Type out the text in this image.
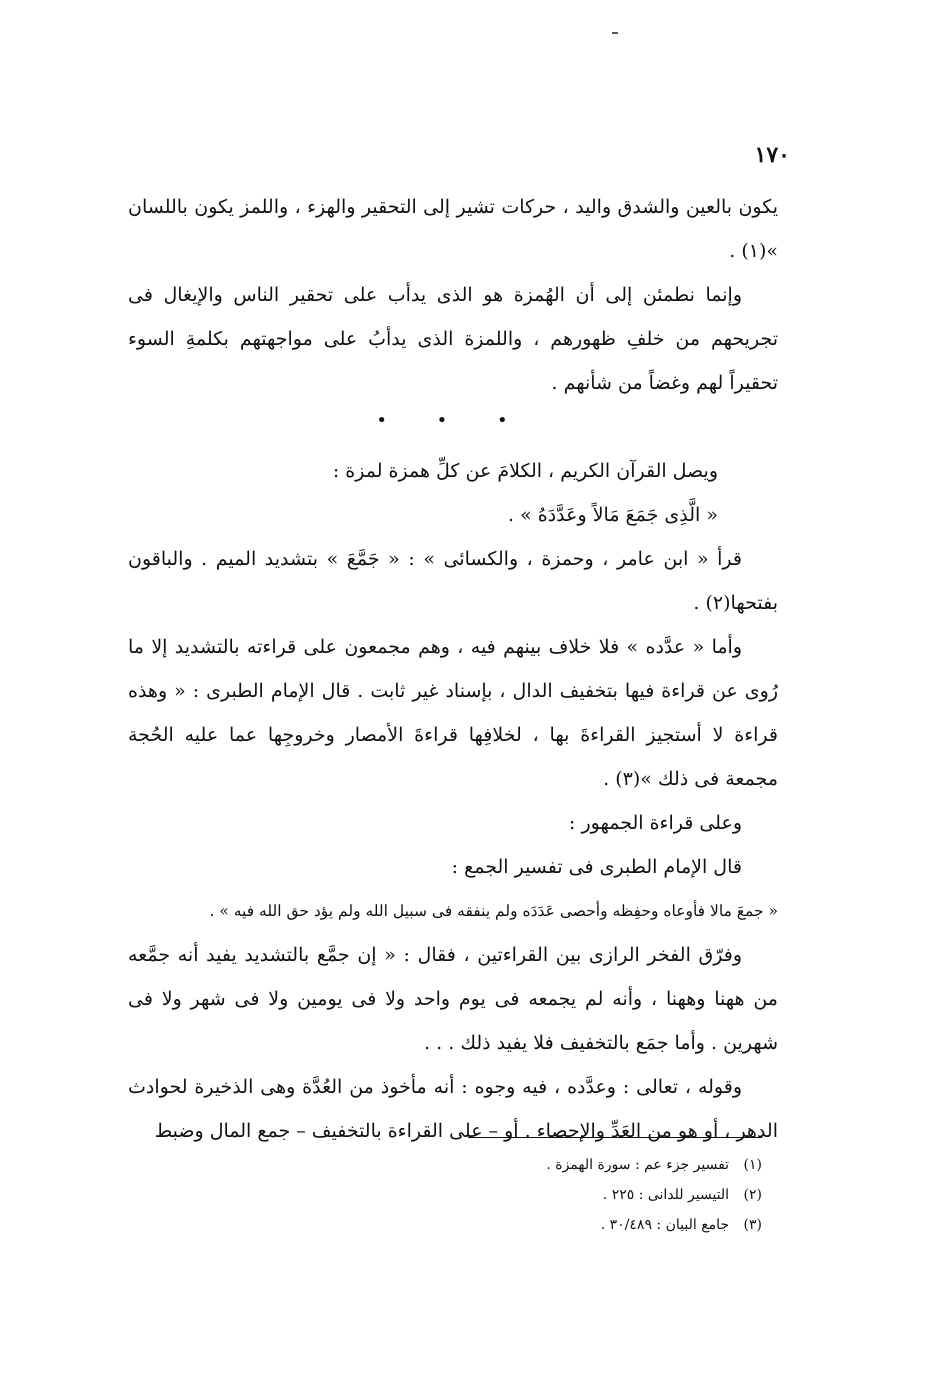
١٧٠

يكون بالعين والشدق واليد ، حركات تشير إلى التحقير والهزء ، واللمز يكون باللسان »(١) .

وإنما نطمئن إلى أن الهُمزة هو الذى يدأب على تحقير الناس والإيغال فى تجريحهم من خلفِ ظهورهم ، واللمزة الذى يدأبُ على مواجهتهم بكلمةِ السوء تحقيراً لهم وغضاً من شأنهم .

ويصل القرآن الكريم ، الكلامَ عن كلِّ همزة لمزة :

« الَّذِى جَمَعَ مَالاً وعَدَّدَهُ » .

قرأ « ابن عامر ، وحمزة ، والكسائى » : « جَمَّعَ » بتشديد الميم . والباقون بفتحها(٢) .

وأما « عدَّده » فلا خلاف بينهم فيه ، وهم مجمعون على قراءته بالتشديد إلا ما رُوى عن قراءة فيها بتخفيف الدال ، بإسناد غير ثابت . قال الإمام الطبرى : « وهذه قراءة لا أستجيز القراءةَ بها ، لخلافِها قراءةَ الأمصار وخروجِها عما عليه الحُجة مجمعة فى ذلك »(٣) .

وعلى قراءة الجمهور :

قال الإمام الطبرى فى تفسير الجمع :

« جمعَ مالا فأوعاه وحفِظه وأحصى عَدَدَه ولم ينفقه فى سبيل الله ولم يؤد حق الله فيه » .

وفرّق الفخر الرازى بين القراءتين ، فقال : « إن جمَّع بالتشديد يفيد أنه جمَّعه من ههنا وههنا ، وأنه لم يجمعه فى يوم واحد ولا فى يومين ولا فى شهر ولا فى شهرين . وأما جمَع بالتخفيف فلا يفيد ذلك . . .

وقوله ، تعالى : وعدَّده ، فيه وجوه : أنه مأخوذ من العُدَّة وهى الذخيرة لحوادث الدهر ، أو هو من العَدِّ والإحصاء . أو – على القراءة بالتخفيف – جمع المال وضبط

• • •
(١) تفسير جزء عم : سورة الهمزة .
(٢) التيسير للدانى : ٢٢٥ .
(٣) جامع البيان : ٣٠/٤٨٩ .
